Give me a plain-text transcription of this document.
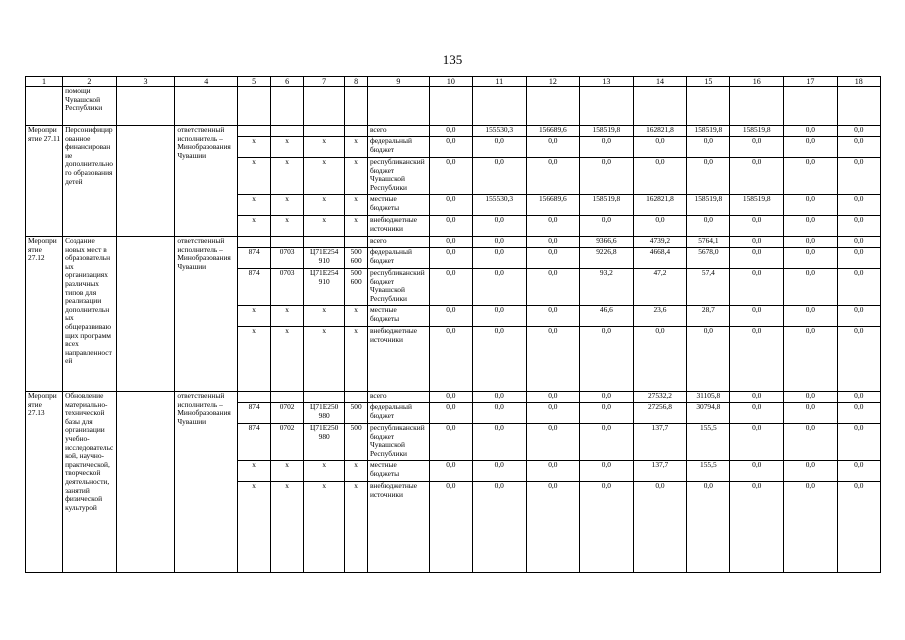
135
1	2	3	4	5	6	7	8	9	10	11	12	13	14	15	16	17	18
	помощи Чувашской Республики																
Мероприятие 27.11	Персонифицированное финансирование дополнительного образования детей		ответственный исполнитель – Минобразования Чувашии					всего	0,0	155530,3	156689,6	158519,8	162821,8	158519,8	158519,8	0,0	0,0
				x	x	x	x	федеральный бюджет	0,0	0,0	0,0	0,0	0,0	0,0	0,0	0,0	0,0
				x	x	x	x	республиканский бюджет Чувашской Республики	0,0	0,0	0,0	0,0	0,0	0,0	0,0	0,0	0,0
				x	x	x	x	местные бюджеты	0,0	155530,3	156689,6	158519,8	162821,8	158519,8	158519,8	0,0	0,0
				x	x	x	x	внебюджетные источники	0,0	0,0	0,0	0,0	0,0	0,0	0,0	0,0	0,0
Мероприятие 27.12	Создание новых мест в образовательных организациях различных типов для реализации дополнительных общеразвивающих программ всех направленностей		ответственный исполнитель – Минобразования Чувашии					всего	0,0	0,0	0,0	9366,6	4739,2	5764,1	0,0	0,0	0,0
				874	0703	Ц71Е254 910	500 600	федеральный бюджет	0,0	0,0	0,0	9226,8	4668,4	5678,0	0,0	0,0	0,0
				874	0703	Ц71Е254 910	500 600	республиканский бюджет Чувашской Республики	0,0	0,0	0,0	93,2	47,2	57,4	0,0	0,0	0,0
				x	x	x	x	местные бюджеты	0,0	0,0	0,0	46,6	23,6	28,7	0,0	0,0	0,0
				x	x	x	x	внебюджетные источники	0,0	0,0	0,0	0,0	0,0	0,0	0,0	0,0	0,0
Мероприятие 27.13	Обновление материально-технической базы для организации учебно-исследовательской, научно-практической, творческой деятельности, занятий физической культурой		ответственный исполнитель – Минобразования Чувашии					всего	0,0	0,0	0,0	0,0	27532,2	31105,8	0,0	0,0	0,0
				874	0702	Ц71Е250 980	500	федеральный бюджет	0,0	0,0	0,0	0,0	27256,8	30794,8	0,0	0,0	0,0
				874	0702	Ц71Е250 980	500	республиканский бюджет Чувашской Республики	0,0	0,0	0,0	0,0	137,7	155,5	0,0	0,0	0,0
				x	x	x	x	местные бюджеты	0,0	0,0	0,0	0,0	137,7	155,5	0,0	0,0	0,0
				x	x	x	x	внебюджетные источники	0,0	0,0	0,0	0,0	0,0	0,0	0,0	0,0	0,0
